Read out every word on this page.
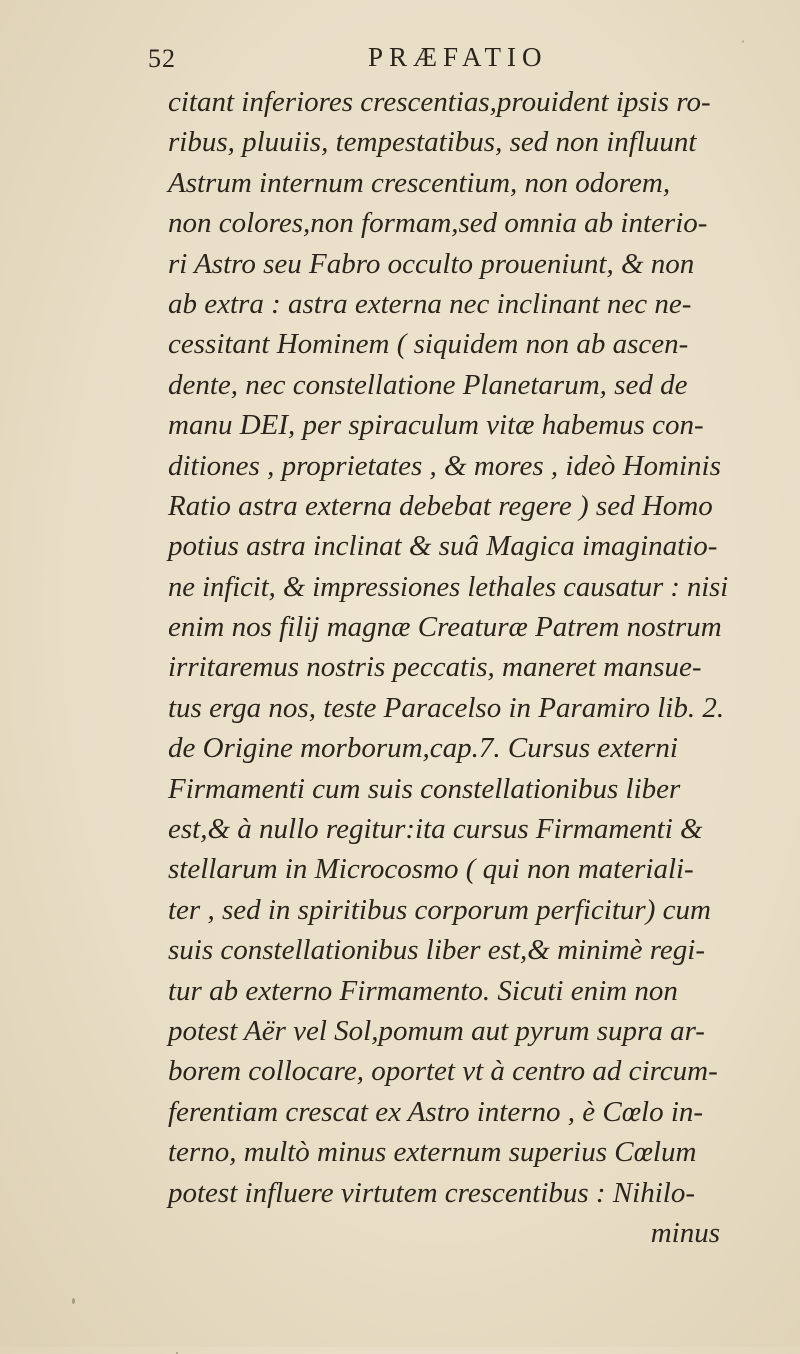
52	PRÆFATIO
citant inferiores crescentias,prouident ipsis ro-
ribus, pluuiis, tempestatibus, sed non influunt
Astrum internum crescentium, non odorem,
non colores,non formam,sed omnia ab interio-
ri Astro seu Fabro occulto proueniunt, & non
ab extra : astra externa nec inclinant nec ne-
cessitant Hominem ( siquidem non ab ascen-
dente, nec constellatione Planetarum, sed de
manu DEI, per spiraculum vitæ habemus con-
ditiones , proprietates , & mores , ideò Hominis
Ratio astra externa debebat regere ) sed Homo
potius astra inclinat & suâ Magica imaginatio-
ne inficit, & impressiones lethales causatur : nisi
enim nos filij magnæ Creaturæ Patrem nostrum
irritaremus nostris peccatis, maneret mansue-
tus erga nos, teste Paracelso in Paramiro lib. 2.
de Origine morborum,cap.7. Cursus externi
Firmamenti cum suis constellationibus liber
est,& à nullo regitur:ita cursus Firmamenti &
stellarum in Microcosmo ( qui non materiali-
ter , sed in spiritibus corporum perficitur) cum
suis constellationibus liber est,& minimè regi-
tur ab externo Firmamento. Sicuti enim non
potest Aër vel Sol,pomum aut pyrum supra ar-
borem collocare, oportet vt à centro ad circum-
ferentiam crescat ex Astro interno , è Cœlo in-
terno, multò minus externum superius Cœlum
potest influere virtutem crescentibus : Nihilo-
minus
